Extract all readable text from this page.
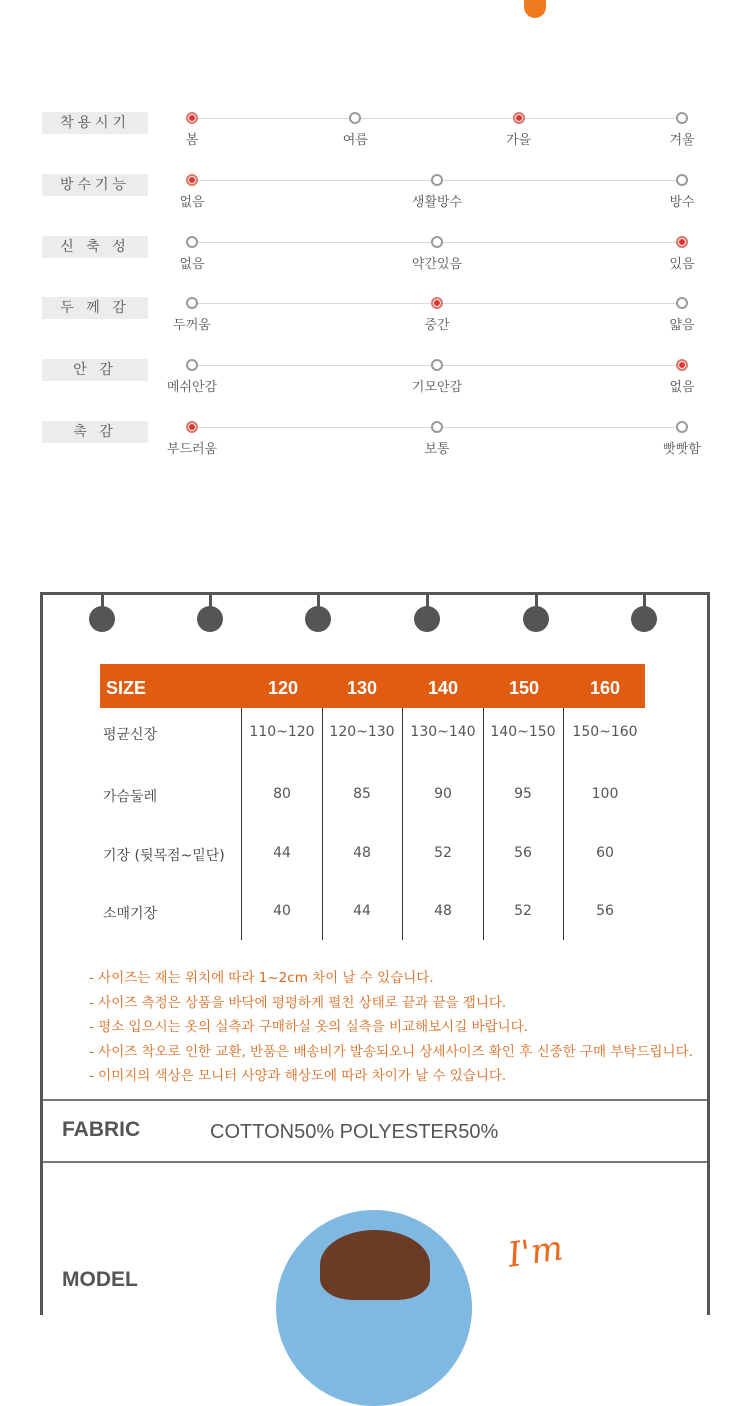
착용시기
봄	여름	가을	겨울
방수기능
없음	생활방수	방수
신 축 성
없음	약간있음	있음
두 께 감
두꺼움	중간	얇음
안 감
메쉬안감	기모안감	없음
촉 감
부드러움	보통	빳빳함
SIZE	120	130	140	150	160
평균신장	110~120	120~130	130~140	140~150	150~160
가슴둘레	80	85	90	95	100
기장 (뒷목점~밑단)	44	48	52	56	60
소매기장	40	44	48	52	56
- 사이즈는 재는 위치에 따라 1~2cm 차이 날 수 있습니다.
- 사이즈 측정은 상품을 바닥에 평평하게 펼친 상태로 끝과 끝을 잽니다.
- 평소 입으시는 옷의 실측과 구매하실 옷의 실측을 비교해보시길 바랍니다.
- 사이즈 착오로 인한 교환, 반품은 배송비가 발송되오니 상세사이즈 확인 후 신중한 구매 부탁드립니다.
- 이미지의 색상은 모니터 사양과 해상도에 따라 차이가 날 수 있습니다.
FABRIC	COTTON50% POLYESTER50%
I'm
MODEL
